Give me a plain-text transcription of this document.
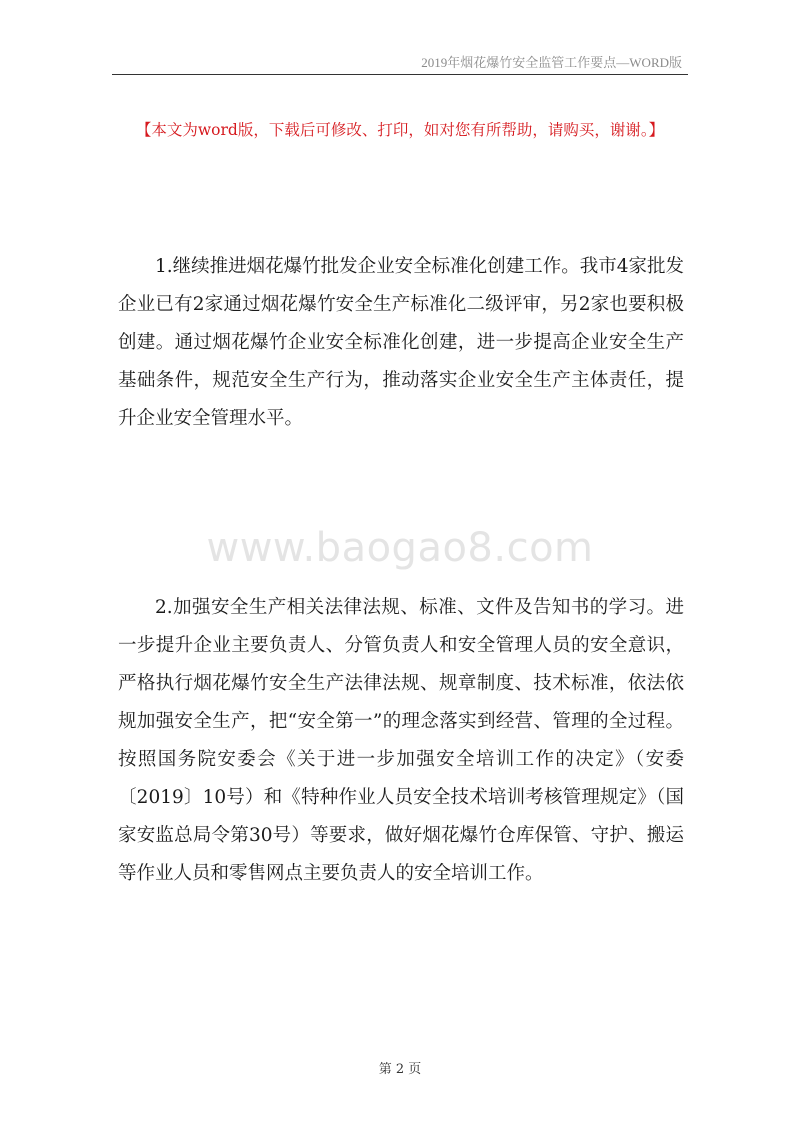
2019年烟花爆竹安全监管工作要点—WORD版
【本文为word版，下载后可修改、打印，如对您有所帮助，请购买，谢谢。】

1.继续推进烟花爆竹批发企业安全标准化创建工作。我市4家批发企业已有2家通过烟花爆竹安全生产标准化二级评审，另2家也要积极创建。通过烟花爆竹企业安全标准化创建，进一步提高企业安全生产基础条件，规范安全生产行为，推动落实企业安全生产主体责任，提升企业安全管理水平。

www.baogao8.com

2.加强安全生产相关法律法规、标准、文件及告知书的学习。进一步提升企业主要负责人、分管负责人和安全管理人员的安全意识，严格执行烟花爆竹安全生产法律法规、规章制度、技术标准，依法依规加强安全生产，把“安全第一”的理念落实到经营、管理的全过程。按照国务院安委会《关于进一步加强安全培训工作的决定》（安委〔2019〕10号）和《特种作业人员安全技术培训考核管理规定》（国家安监总局令第30号）等要求，做好烟花爆竹仓库保管、守护、搬运等作业人员和零售网点主要负责人的安全培训工作。

第 2 页
